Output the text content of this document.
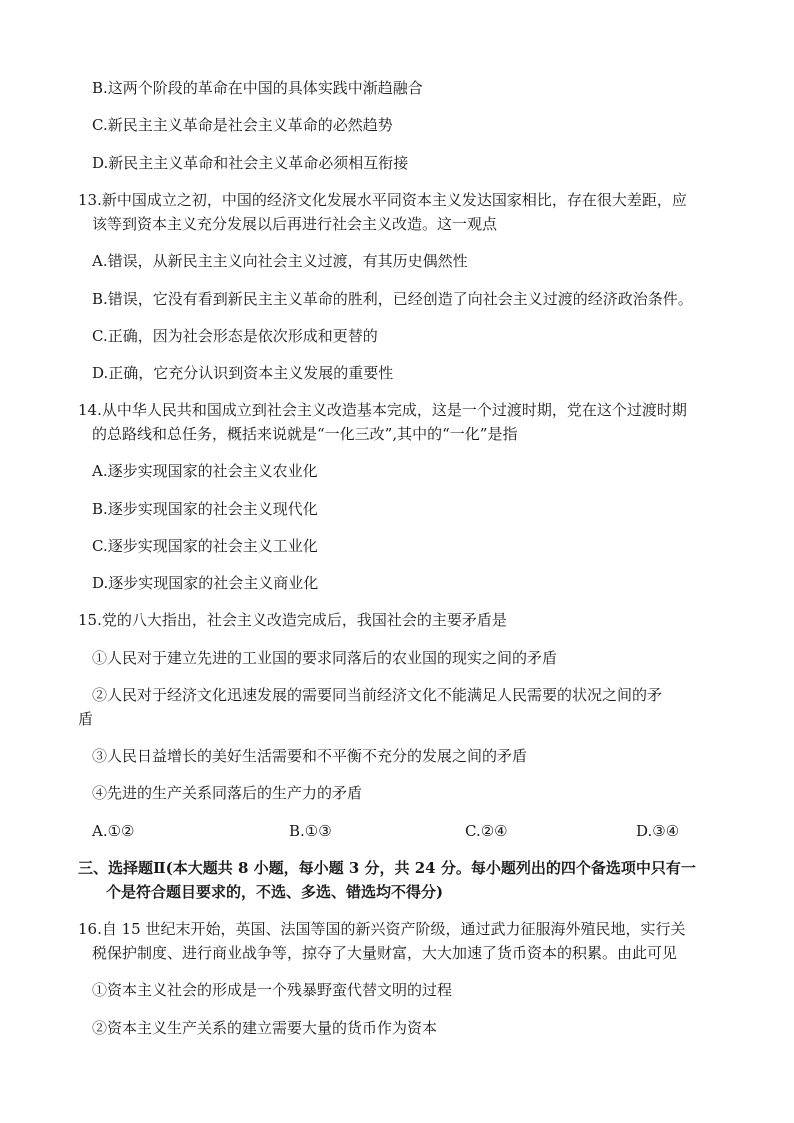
B.这两个阶段的革命在中国的具体实践中渐趋融合
C.新民主主义革命是社会主义革命的必然趋势
D.新民主主义革命和社会主义革命必须相互衔接
13.新中国成立之初，中国的经济文化发展水平同资本主义发达国家相比，存在很大差距，应
该等到资本主义充分发展以后再进行社会主义改造。这一观点
A.错误，从新民主主义向社会主义过渡，有其历史偶然性
B.错误，它没有看到新民主主义革命的胜利，已经创造了向社会主义过渡的经济政治条件。
C.正确，因为社会形态是依次形成和更替的
D.正确，它充分认识到资本主义发展的重要性
14.从中华人民共和国成立到社会主义改造基本完成，这是一个过渡时期，党在这个过渡时期
的总路线和总任务，概括来说就是“一化三改”,其中的“一化”是指
A.逐步实现国家的社会主义农业化
B.逐步实现国家的社会主义现代化
C.逐步实现国家的社会主义工业化
D.逐步实现国家的社会主义商业化
15.党的八大指出，社会主义改造完成后，我国社会的主要矛盾是
①人民对于建立先进的工业国的要求同落后的农业国的现实之间的矛盾
②人民对于经济文化迅速发展的需要同当前经济文化不能满足人民需要的状况之间的矛
盾
③人民日益增长的美好生活需要和不平衡不充分的发展之间的矛盾
④先进的生产关系同落后的生产力的矛盾
A.①②	B.①③	C.②④	D.③④
三、选择题Ⅱ(本大题共 8 小题，每小题 3 分，共 24 分。每小题列出的四个备选项中只有一
个是符合题目要求的，不选、多选、错选均不得分)
16.自 15 世纪末开始，英国、法国等国的新兴资产阶级，通过武力征服海外殖民地，实行关
税保护制度、进行商业战争等，掠夺了大量财富，大大加速了货币资本的积累。由此可见
①资本主义社会的形成是一个残暴野蛮代替文明的过程
②资本主义生产关系的建立需要大量的货币作为资本
